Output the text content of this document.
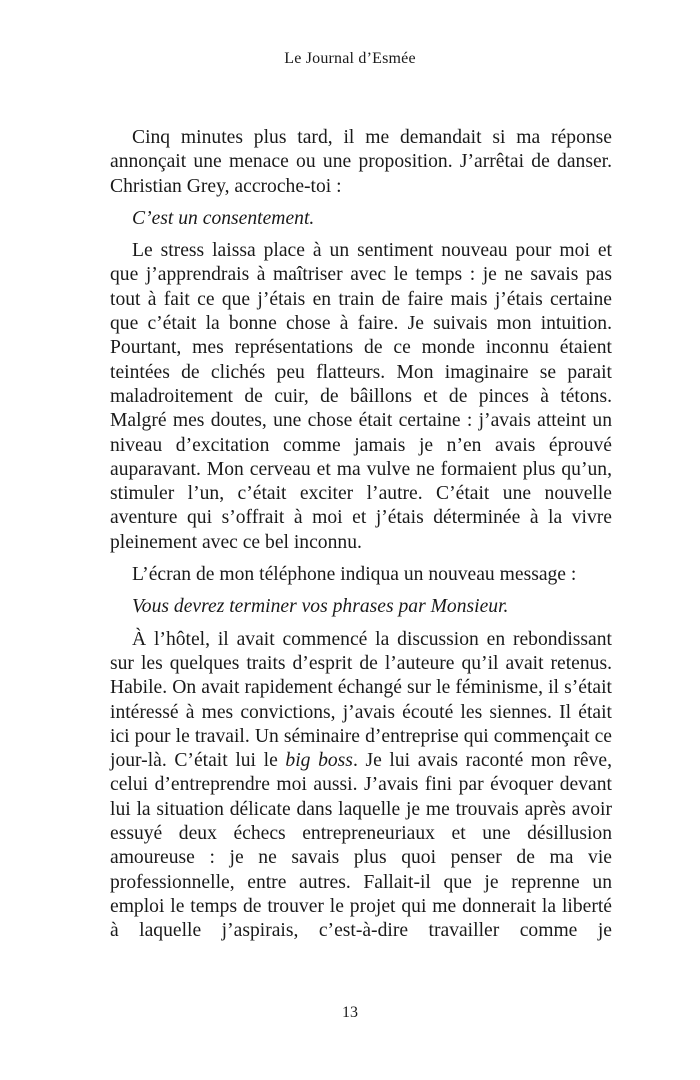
Le Journal d’Esmée

Cinq minutes plus tard, il me demandait si ma réponse annonçait une menace ou une proposition. J’arrêtai de danser. Christian Grey, accroche-toi :

C’est un consentement.

Le stress laissa place à un sentiment nouveau pour moi et que j’apprendrais à maîtriser avec le temps : je ne savais pas tout à fait ce que j’étais en train de faire mais j’étais certaine que c’était la bonne chose à faire. Je suivais mon intuition. Pourtant, mes représentations de ce monde inconnu étaient teintées de clichés peu flatteurs. Mon imaginaire se parait maladroitement de cuir, de bâillons et de pinces à tétons. Malgré mes doutes, une chose était certaine : j’avais atteint un niveau d’excitation comme jamais je n’en avais éprouvé auparavant. Mon cerveau et ma vulve ne formaient plus qu’un, stimuler l’un, c’était exciter l’autre. C’était une nouvelle aventure qui s’offrait à moi et j’étais déterminée à la vivre pleinement avec ce bel inconnu.

L’écran de mon téléphone indiqua un nouveau message :

Vous devrez terminer vos phrases par Monsieur.

À l’hôtel, il avait commencé la discussion en rebondissant sur les quelques traits d’esprit de l’auteure qu’il avait retenus. Habile. On avait rapidement échangé sur le féminisme, il s’était intéressé à mes convictions, j’avais écouté les siennes. Il était ici pour le travail. Un séminaire d’entreprise qui commençait ce jour-là. C’était lui le big boss. Je lui avais raconté mon rêve, celui d’entreprendre moi aussi. J’avais fini par évoquer devant lui la situation délicate dans laquelle je me trouvais après avoir essuyé deux échecs entrepreneuriaux et une désillusion amoureuse : je ne savais plus quoi penser de ma vie professionnelle, entre autres. Fallait-il que je reprenne un emploi le temps de trouver le projet qui me donnerait la liberté à laquelle j’aspirais, c’est-à-dire travailler comme je

13
